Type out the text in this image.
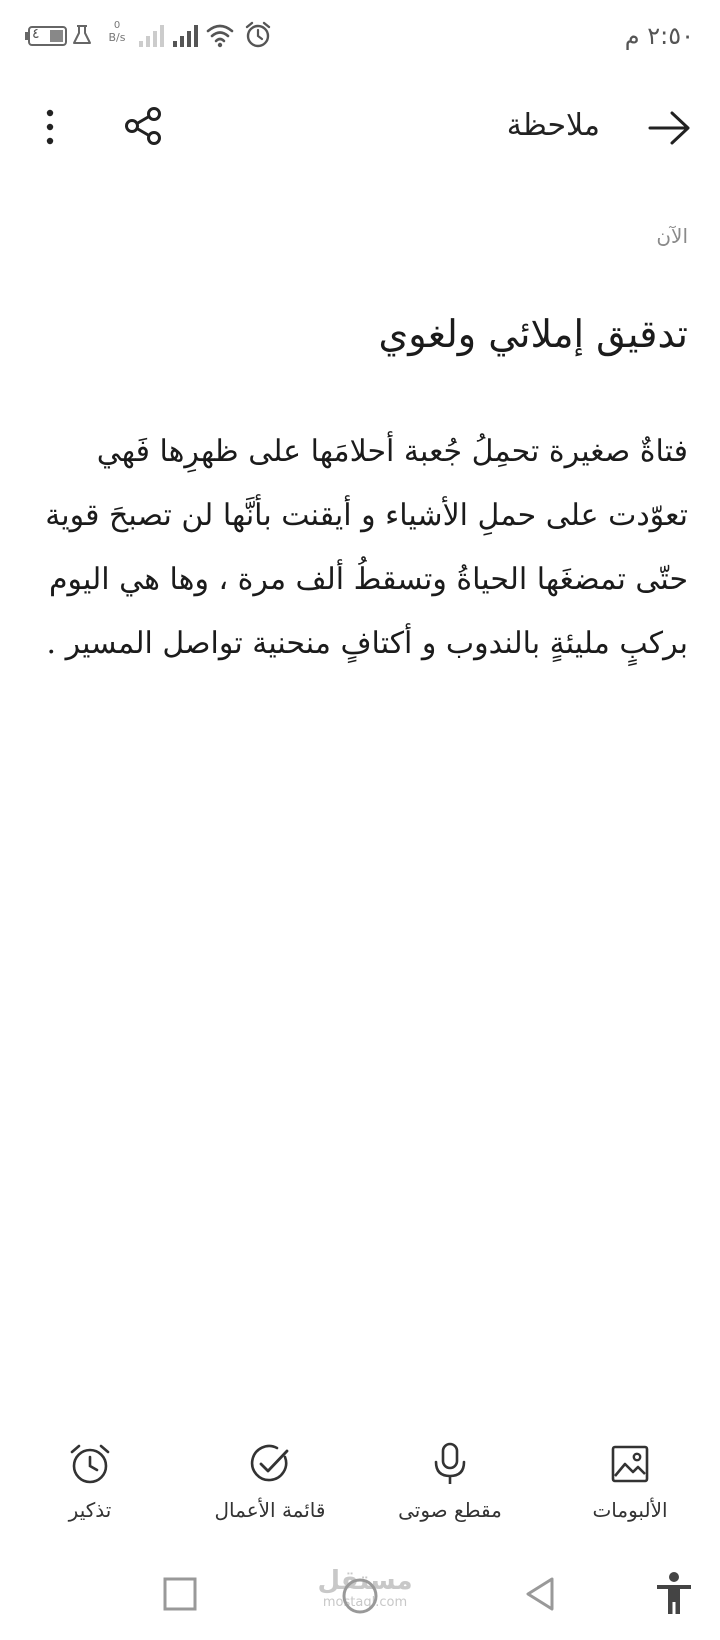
٤
0
B/s	٢:٥٠ م
ملاحظة
الآن
تدقيق إملائي ولغوي
فتاةٌ صغيرة تحمِلُ جُعبة أحلامَها على ظهرِها فَهي تعوّدت على حملِ الأشياء و أيقنت بأنَّها لن تصبحَ قوية حتّى تمضغَها الحياةُ وتسقطُ ألف مرة ، وها هي اليوم بركبٍ مليئةٍ بالندوب و أكتافٍ منحنية تواصل المسير .
الألبومات
مقطع صوتى
قائمة الأعمال
تذكير
مستقل
mostaql.com
